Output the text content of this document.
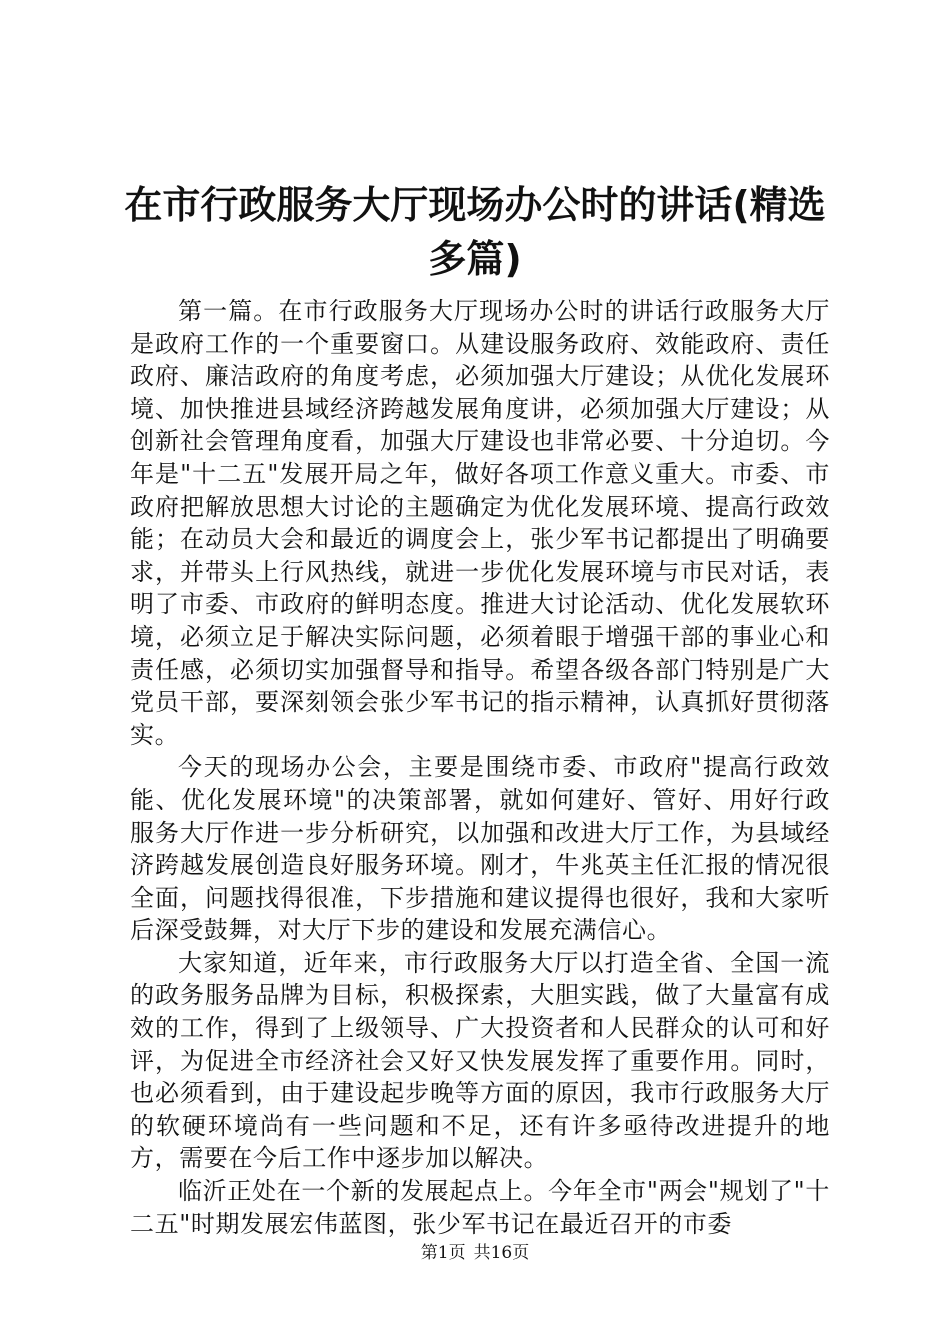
在市行政服务大厅现场办公时的讲话(精选多篇)

第一篇。在市行政服务大厅现场办公时的讲话行政服务大厅是政府工作的一个重要窗口。从建设服务政府、效能政府、责任政府、廉洁政府的角度考虑，必须加强大厅建设；从优化发展环境、加快推进县域经济跨越发展角度讲，必须加强大厅建设；从创新社会管理角度看，加强大厅建设也非常必要、十分迫切。今年是"十二五"发展开局之年，做好各项工作意义重大。市委、市政府把解放思想大讨论的主题确定为优化发展环境、提高行政效能；在动员大会和最近的调度会上，张少军书记都提出了明确要求，并带头上行风热线，就进一步优化发展环境与市民对话，表明了市委、市政府的鲜明态度。推进大讨论活动、优化发展软环境，必须立足于解决实际问题，必须着眼于增强干部的事业心和责任感，必须切实加强督导和指导。希望各级各部门特别是广大党员干部，要深刻领会张少军书记的指示精神，认真抓好贯彻落实。

今天的现场办公会，主要是围绕市委、市政府"提高行政效能、优化发展环境"的决策部署，就如何建好、管好、用好行政服务大厅作进一步分析研究，以加强和改进大厅工作，为县域经济跨越发展创造良好服务环境。刚才，牛兆英主任汇报的情况很全面，问题找得很准，下步措施和建议提得也很好，我和大家听后深受鼓舞，对大厅下步的建设和发展充满信心。

大家知道，近年来，市行政服务大厅以打造全省、全国一流的政务服务品牌为目标，积极探索，大胆实践，做了大量富有成效的工作，得到了上级领导、广大投资者和人民群众的认可和好评，为促进全市经济社会又好又快发展发挥了重要作用。同时，也必须看到，由于建设起步晚等方面的原因，我市行政服务大厅的软硬环境尚有一些问题和不足，还有许多亟待改进提升的地方，需要在今后工作中逐步加以解决。

临沂正处在一个新的发展起点上。今年全市"两会"规划了"十二五"时期发展宏伟蓝图，张少军书记在最近召开的市委

第1页 共16页
